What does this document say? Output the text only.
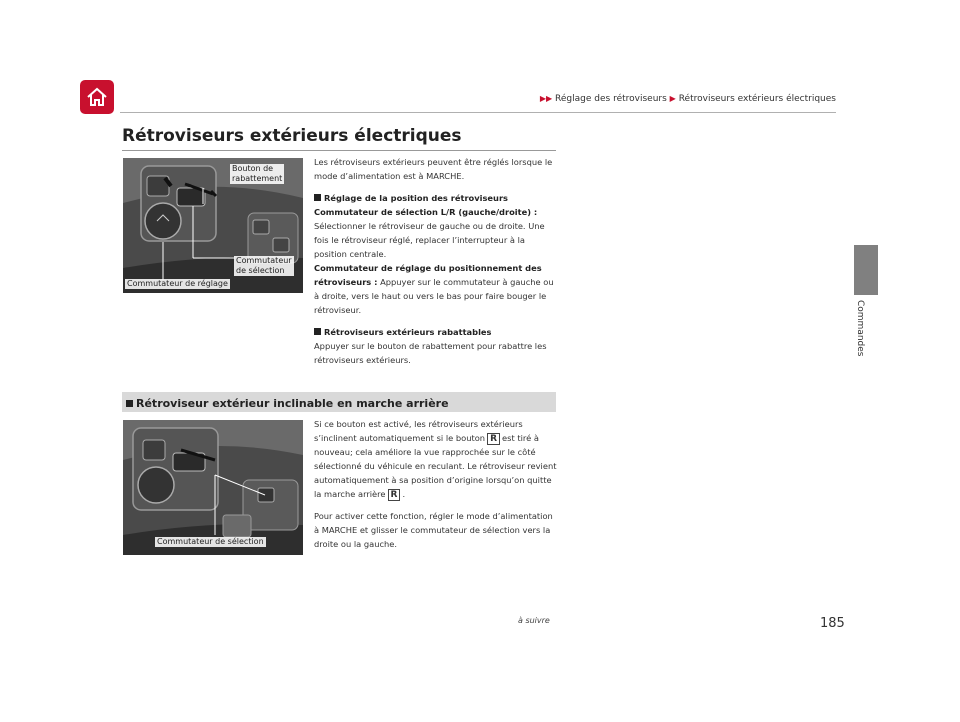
▶▶ Réglage des rétroviseurs ▶ Rétroviseurs extérieurs électriques
Rétroviseurs extérieurs électriques
Commandes
Bouton de
rabattement
Commutateur
de sélection
Commutateur de réglage

Les rétroviseurs extérieurs peuvent être réglés lorsque le mode d’alimentation est à MARCHE.

Réglage de la position des rétroviseurs

Commutateur de sélection L/R (gauche/droite) :
Sélectionner le rétroviseur de gauche ou de droite. Une fois le rétroviseur réglé, replacer l’interrupteur à la position centrale.

Commutateur de réglage du positionnement des rétroviseurs : Appuyer sur le commutateur à gauche ou à droite, vers le haut ou vers le bas pour faire bouger le rétroviseur.

Rétroviseurs extérieurs rabattables

Appuyer sur le bouton de rabattement pour rabattre les rétroviseurs extérieurs.

Rétroviseur extérieur inclinable en marche arrière
Commutateur de sélection

Si ce bouton est activé, les rétroviseurs extérieurs s’inclinent automatiquement si le bouton R est tiré à nouveau; cela améliore la vue rapprochée sur le côté sélectionné du véhicule en reculant. Le rétroviseur revient automatiquement à sa position d’origine lorsqu’on quitte la marche arrière R .

Pour activer cette fonction, régler le mode d’alimentation à MARCHE et glisser le commutateur de sélection vers la droite ou la gauche.

à suivre	185
